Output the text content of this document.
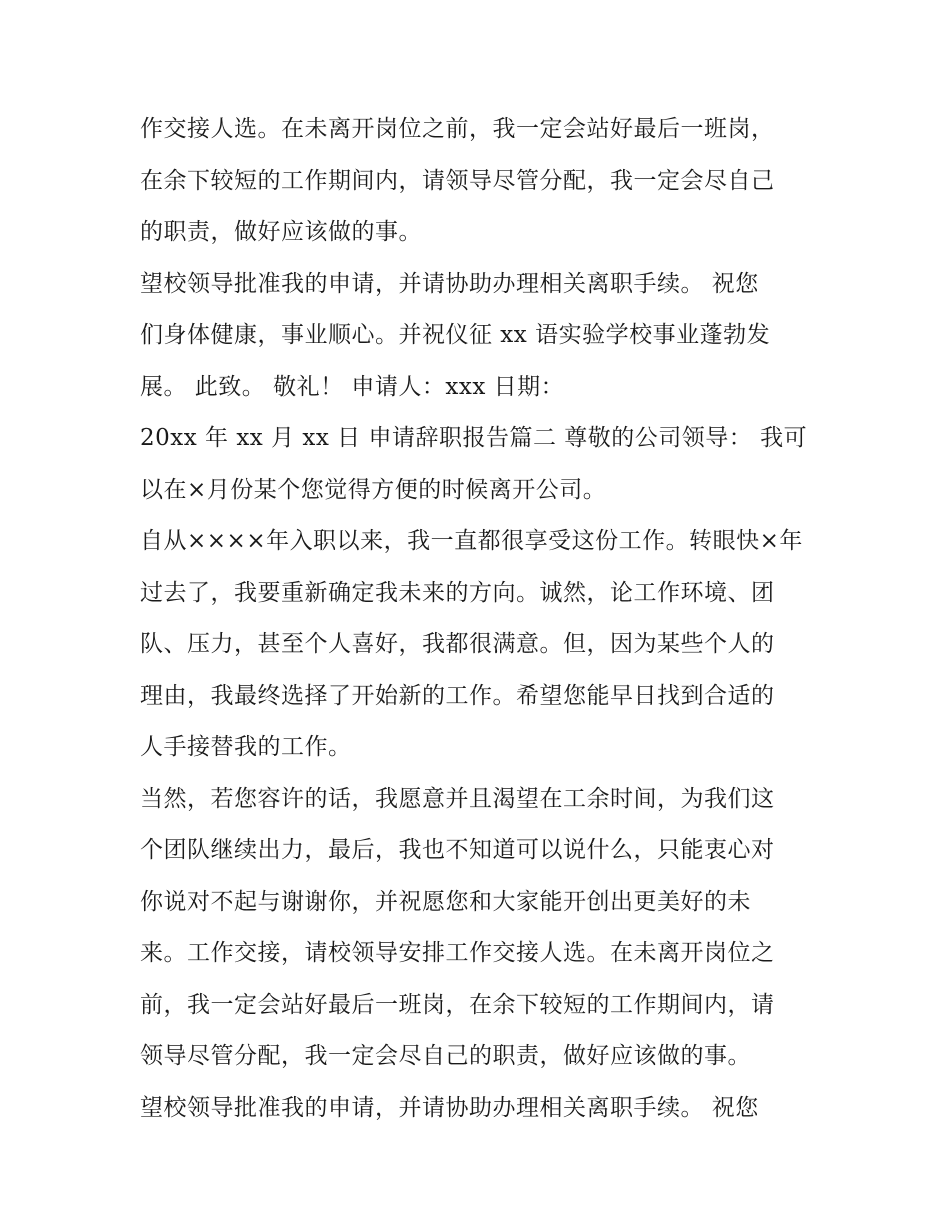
作交接人选。在未离开岗位之前，我一定会站好最后一班岗，
在余下较短的工作期间内，请领导尽管分配，我一定会尽自己
的职责，做好应该做的事。
望校领导批准我的申请，并请协助办理相关离职手续。 祝您
们身体健康，事业顺心。并祝仪征 xx 语实验学校事业蓬勃发
展。 此致。 敬礼！ 申请人：xxx 日期：
20xx 年 xx 月 xx 日 申请辞职报告篇二 尊敬的公司领导： 我可
以在×月份某个您觉得方便的时候离开公司。
自从××××年入职以来，我一直都很享受这份工作。转眼快×年
过去了，我要重新确定我未来的方向。诚然，论工作环境、团
队、压力，甚至个人喜好，我都很满意。但，因为某些个人的
理由，我最终选择了开始新的工作。希望您能早日找到合适的
人手接替我的工作。
当然，若您容许的话，我愿意并且渴望在工余时间，为我们这
个团队继续出力，最后，我也不知道可以说什么，只能衷心对
你说对不起与谢谢你，并祝愿您和大家能开创出更美好的未
来。工作交接，请校领导安排工作交接人选。在未离开岗位之
前，我一定会站好最后一班岗，在余下较短的工作期间内，请
领导尽管分配，我一定会尽自己的职责，做好应该做的事。
望校领导批准我的申请，并请协助办理相关离职手续。 祝您
